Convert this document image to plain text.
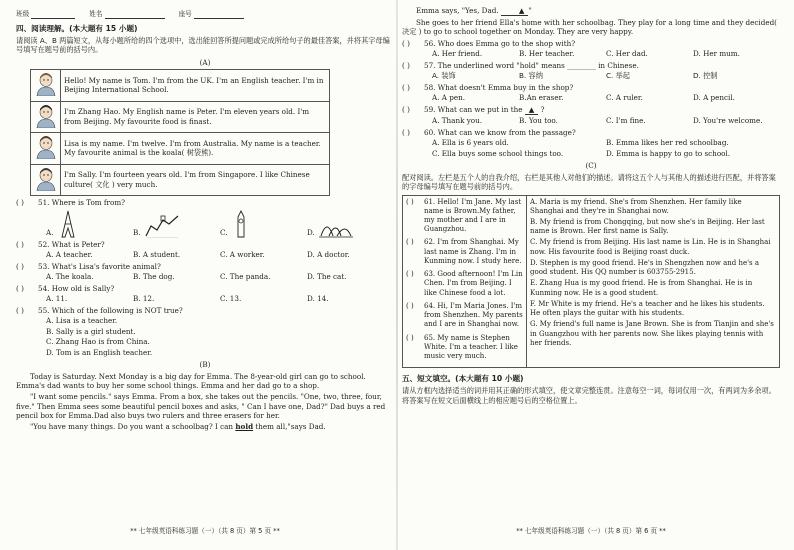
班级	姓名	座号
四、阅读理解。(本大题有 15 小题)
请阅读 A、B 两篇短文，从每小题所给的四个选项中，选出能回答所提问题或完成所给句子的最佳答案，并将其字母编号填写在题号前的括号内。
(A)
	Hello! My name is Tom. I'm from the UK. I'm an English teacher. I'm in Beijing International School.
	I'm Zhang Hao. My English name is Peter. I'm eleven years old. I'm from Beijing. My favourite food is finast.
	Lisa is my name. I'm twelve. I'm from Australia. My name is a teacher. My favourite animal is the koala( 树袋熊).
	I'm Sally. I'm fourteen years old. I'm from Singapore. I like Chinese culture( 文化 ) very much.
( )	51. Where is Tom from?
A.	B.	C.	D.
( )	52. What is Peter?
A. A teacher.	B. A student.	C. A worker.	D. A doctor.
( )	53. What's Lisa's favorite animal?
A. The koala.	B. The dog.	C. The panda.	D. The cat.
( )	54. How old is Sally?
A. 11.	B. 12.	C. 13.	D. 14.
( )	55. Which of the following is NOT true?
A. Lisa is a teacher.
B. Sally is a girl student.
C. Zhang Hao is from China.
D. Tom is an English teacher.
(B)

Today is Saturday. Next Monday is a big day for Emma. The 8-year-old girl can go to school. Emma's dad wants to buy her some school things. Emma and her dad go to a shop.

"I want some pencils." says Emma. From a box, she takes out the pencils. "One, two, three, four, five." Then Emma sees some beautiful pencil boxes and asks, " Can I have one, Dad?" Dad buys a red pencil box for Emma.Dad also buys two rulers and three erasers for her.

"You have many things. Do you want a schoolbag? I can hold them all,"says Dad.

** 七年级英语科练习题（一）（共 8 页）第 5 页 **

Emma says, "Yes, Dad.	▲ "

She goes to her friend Ella's home with her schoolbag. They play for a long time and they decided( 决定 ) to go to school together on Monday. They are very happy.

( )	56. Who does Emma go to the shop with?
A. Her friend.	B. Her teacher.	C. Her dad.	D. Her mum.
( )	57. The underlined word "hold" means ________ in Chinese.
A. 装饰	B. 容纳	C. 举起	D. 控制
( )	58. What doesn't Emma buy in the shop?
A. A pen.	B.An eraser.	C. A ruler.	D. A pencil.
( )	59. What can we put in the ▲ ?
A. Thank you.	B. You too.	C. I'm fine.	D. You're welcome.
( )	60. What can we know from the passage?
A. Ella is 6 years old.	B. Emma likes her red schoolbag.
C. Ella buys some school things too.	D. Emma is happy to go to school.
(C)
配对阅读。左栏是五个人的自我介绍，右栏是其他人对他们的描述。请将这五个人与其他人的描述进行匹配，并将答案的字母编号填写在题号前的括号内。
( )	61. Hello! I'm Jane. My last name is Brown.My father, my mother and I are in Guangzhou.
( )	62. I'm from Shanghai. My last name is Zhang. I'm in Kunming now. I study here.
( )	63. Good afternoon! I'm Lin Chen. I'm from Beijing. I like Chinese food a lot.
( )	64. Hi, I'm Maria Jones. I'm from Shenzhen. My parents and I are in Shanghai now.
( )	65. My name is Stephen White. I'm a teacher. I like music very much.

A. Maria is my friend. She's from Shenzhen. Her family like Shanghai and they're in Shanghai now.

B. My friend is from Chongqing, but now she's in Beijing. Her last name is Brown. Her first name is Sally.

C. My friend is from Beijing. His last name is Lin. He is in Shanghai now. His favourite food is Beijing roast duck.

D. Stephen is my good friend. He's in Shengzhen now and he's a good student. His QQ number is 603755-2915.

E. Zhang Hua is my good friend. He is from Shanghai. He is in Kunming now. He is a good student.

F. Mr White is my friend. He's a teacher and he likes his students. He often plays the guitar with his students.

G. My friend's full name is Jane Brown. She is from Tianjin and she's in Guangzhou with her parents now. She likes playing tennis with her friends.

五、短文填空。(本大题有 10 小题)
请从方框内选择适当的词并用其正确的形式填空，使文章完整连贯。注意每空一词，每词仅用一次，有两词为多余项。将答案写在短文后面横线上的相应题号后的空格位置上。
** 七年级英语科练习题（一）（共 8 页）第 6 页 **
